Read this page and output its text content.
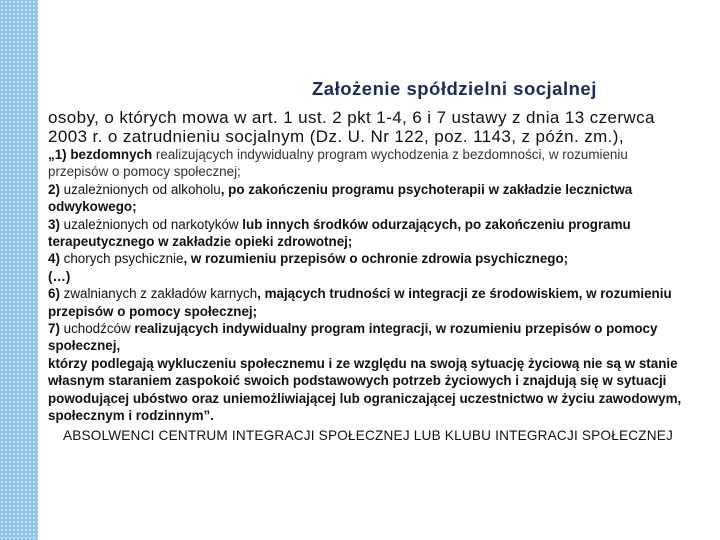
Założenie spółdzielni socjalnej

osoby, o których mowa w art. 1 ust. 2 pkt 1-4, 6 i 7 ustawy z dnia 13 czerwca 2003 r. o zatrudnieniu socjalnym (Dz. U. Nr 122, poz. 1143, z późn. zm.),

„1) bezdomnych realizujących indywidualny program wychodzenia z bezdomności, w rozumieniu przepisów o pomocy społecznej;

2) uzależnionych od alkoholu, po zakończeniu programu psychoterapii w zakładzie lecznictwa odwykowego;

3) uzależnionych od narkotyków lub innych środków odurzających, po zakończeniu programu terapeutycznego w zakładzie opieki zdrowotnej;

4) chorych psychicznie, w rozumieniu przepisów o ochronie zdrowia psychicznego;

(…)

6) zwalnianych z zakładów karnych, mających trudności w integracji ze środowiskiem, w rozumieniu przepisów o pomocy społecznej;

7) uchodźców realizujących indywidualny program integracji, w rozumieniu przepisów o pomocy społecznej,

którzy podlegają wykluczeniu społecznemu i ze względu na swoją sytuację życiową nie są w stanie własnym staraniem zaspokoić swoich podstawowych potrzeb życiowych i znajdują się w sytuacji powodującej ubóstwo oraz uniemożliwiającej lub ograniczającej uczestnictwo w życiu zawodowym, społecznym i rodzinnym”.

ABSOLWENCI CENTRUM INTEGRACJI SPOŁECZNEJ LUB KLUBU INTEGRACJI SPOŁECZNEJ
